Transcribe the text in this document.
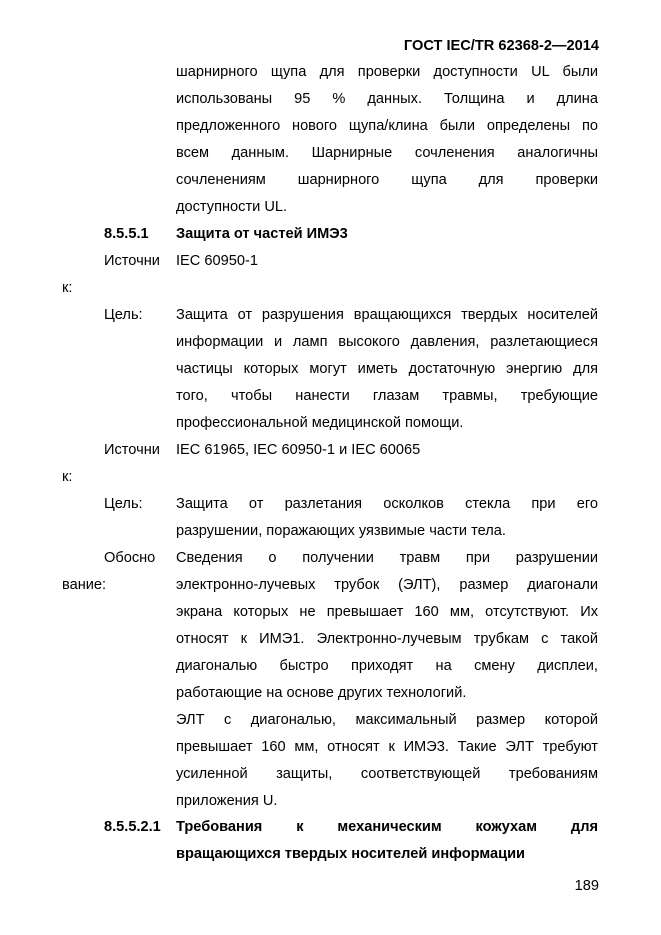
ГОСТ IEC/TR 62368-2—2014
шарнирного щупа для проверки доступности UL были
использованы 95 % данных. Толщина и длина
предложенного нового щупа/клина были определены по
всем данным. Шарнирные сочленения аналогичны
сочленениям шарнирного щупа для проверки
доступности UL.
8.5.5.1 Защита от частей ИМЭ3
Источни IEC 60950-1
к:
Цель: Защита от разрушения вращающихся твердых носителей
информации и ламп высокого давления, разлетающиеся
частицы которых могут иметь достаточную энергию для
того, чтобы нанести глазам травмы, требующие
профессиональной медицинской помощи.
Источни IEC 61965, IEC 60950-1 и IEC 60065
к:
Цель: Защита от разлетания осколков стекла при его
разрушении, поражающих уязвимые части тела.
Обосно
вание:
Сведения о получении травм при разрушении
электронно-лучевых трубок (ЭЛТ), размер диагонали
экрана которых не превышает 160 мм, отсутствуют. Их
относят к ИМЭ1. Электронно-лучевым трубкам с такой
диагональю быстро приходят на смену дисплеи,
работающие на основе других технологий.
ЭЛТ с диагональю, максимальный размер которой
превышает 160 мм, относят к ИМЭ3. Такие ЭЛТ требуют
усиленной защиты, соответствующей требованиям
приложения U.
8.5.5.2.1 Требования к механическим кожухам для
вращающихся твердых носителей информации
189
